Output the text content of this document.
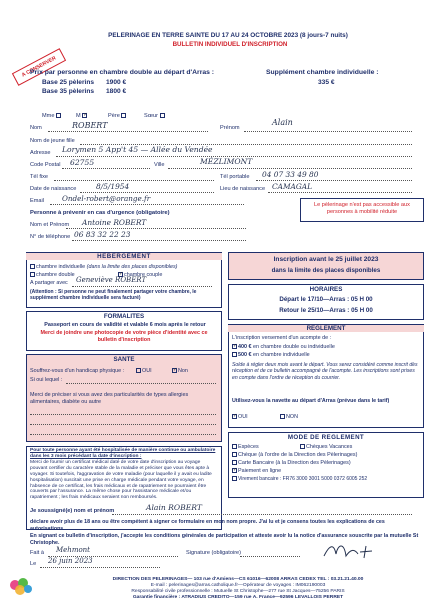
PELERINAGE EN TERRE SAINTE DU 17 AU 24 OCTOBRE 2023 (8 jours-7 nuits)
BULLETIN INDIVIDUEL D'INSCRIPTION
A CONSERVER
Prix par personne en chambre double au départ d'Arras :
Base 25 pèlerins 1900 €
Base 35 pèlerins 1800 €
Supplément chambre individuelle :
335 €
Mme	M ✓	Père	Sœur
Nom	ROBERT	Prénom
Alain
Nom de jeune fille
Adresse Lorymen 5 App't 45 — Allée du Vendée
Code Postal 62755	Ville	MÉZLIMONT
Tél fixe	Tél portable 04 07 33 49 80
Date de naissance	8/5/1954	Lieu de naissance CAMAGAL
Email	Ondel-robert@orange.fr
Personne à prévenir en cas d'urgence (obligatoire)
Nom et Prénom Antoine ROBERT
N° de téléphone 06 83 32 22 23
Le pèlerinage n'est pas accessible aux personnes à mobilité réduite
HEBERGEMENT
chambre individuelle (dans la limite des places disponibles)
chambre double ✓	chambre couple
A partager avec Geneviève ROBERT
(Attention : Si personne ne peut finalement partager votre chambre, le supplément chambre individuelle sera facturé)
FORMALITES
Passeport en cours de validité et valable 6 mois après le retour
Merci de joindre une photocopie de votre pièce d'identité avec ce bulletin d'inscription
SANTE
Souffrez-vous d'un handicap physique :	OUI ✓	Non
Si oui lequel :
Merci de préciser si vous avez des particularités de types allergies alimentaires, diabète ou autre
Pour toute personne ayant été hospitalisée de manière continue ou ambulatoire dans les 3 mois précédant la date d'inscription :
Merci de fournir un certificat médical daté de votre date d'inscription au voyage pouvant certifier du caractère stable de la maladie et préciser que vous êtes apte à voyager. Si toutefois, l'aggravation de votre maladie (pour laquelle il y avait eu ladite hospitalisation) suscitait une prise en charge médicale pendant votre voyage, en l'absence de ce certificat, les frais médicaux et de rapatriement ne pourraient être couverts par l'assurance. La même chose pour l'assistance médicale et/ou rapatriement ; les frais médicaux seraient non remboursés.
Inscription avant le 25 juillet 2023
dans la limite des places disponibles
HORAIRES
Départ le 17/10—Arras : 05 H 00
Retour le 25/10—Arras : 05 H 00
REGLEMENT
L'inscription versement d'un acompte de :
✓400 € en chambre double ou individuelle
500 € en chambre individuelle
Solde à régler deux mois avant le départ. Vous serez considéré comme inscrit dès réception et de ce bulletin accompagné de l'acompte. Les inscriptions sont prises en compte dans l'ordre de réception du courrier.
Utilisez-vous la navette au départ d'Arras (prévue dans le tarif)
✓OUI	NON
MODE DE REGLEMENT
Espèces	Chèques Vacances
Chèque (à l'ordre de la Direction des Pèlerinages)
Carte Bancaire (à la Direction des Pèlerinages)
✓Paiement en ligne
Virement bancaire : FR76 3000 3001 5000 0372 6005 252
Je soussigné(e) nom et prénom	Alain ROBERT
déclare avoir plus de 18 ans ou être compétent à signer ce formulaire en mon nom propre. J'ai lu et je consens toutes les explications de ces autorisations.
En signant ce bulletin d'inscription, j'accepte les conditions générales de participation et atteste avoir lu la notice d'assurance souscrite par la mutuelle St Christophe.
Fait à Mehmont	Signature (obligatoire)
Le 26 juin 2023
DIRECTION DES PELERINAGES— 103 rue d'Amiens—CS 61016—62008 ARRAS CEDEX TEL : 03.21.21.40.00
E-mail : pelerinages@arras.catholique.fr—Opérateur de voyages : IM062190003
Responsabilité civile professionnelle : Mutuelle St Christophe—277 rue St Jacques—75256 PARIS
Garantie financière : ATRADIUS CREDITO—159 rue A. France—92596 LEVALLOIS PERRET
